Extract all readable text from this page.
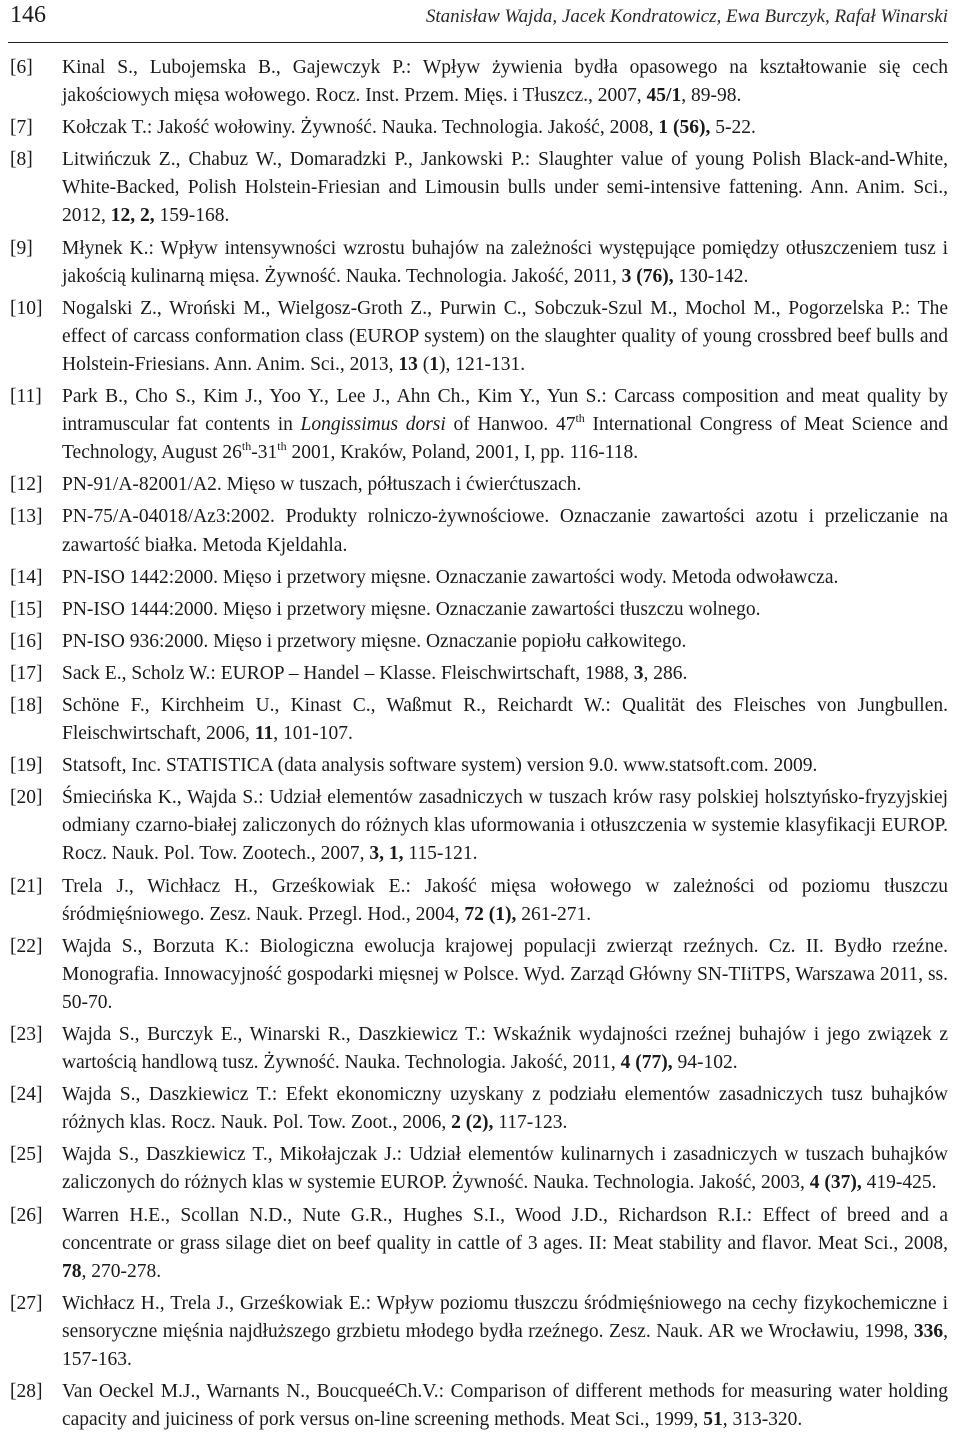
146	Stanisław Wajda, Jacek Kondratowicz, Ewa Burczyk, Rafał Winarski
[6]	Kinal S., Lubojemska B., Gajewczyk P.: Wpływ żywienia bydła opasowego na kształtowanie się cech jakościowych mięsa wołowego. Rocz. Inst. Przem. Mięs. i Tłuszcz., 2007, 45/1, 89-98.
[7]	Kołczak T.: Jakość wołowiny. Żywność. Nauka. Technologia. Jakość, 2008, 1 (56), 5-22.
[8]	Litwińczuk Z., Chabuz W., Domaradzki P., Jankowski P.: Slaughter value of young Polish Black-and-White, White-Backed, Polish Holstein-Friesian and Limousin bulls under semi-intensive fattening. Ann. Anim. Sci., 2012, 12, 2, 159-168.
[9]	Młynek K.: Wpływ intensywności wzrostu buhajów na zależności występujące pomiędzy otłuszczeniem tusz i jakością kulinarną mięsa. Żywność. Nauka. Technologia. Jakość, 2011, 3 (76), 130-142.
[10]	Nogalski Z., Wroński M., Wielgosz-Groth Z., Purwin C., Sobczuk-Szul M., Mochol M., Pogorzelska P.: The effect of carcass conformation class (EUROP system) on the slaughter quality of young crossbred beef bulls and Holstein-Friesians. Ann. Anim. Sci., 2013, 13 (1), 121-131.
[11]	Park B., Cho S., Kim J., Yoo Y., Lee J., Ahn Ch., Kim Y., Yun S.: Carcass composition and meat quality by intramuscular fat contents in Longissimus dorsi of Hanwoo. 47th International Congress of Meat Science and Technology, August 26th-31th 2001, Kraków, Poland, 2001, I, pp. 116-118.
[12]	PN-91/A-82001/A2. Mięso w tuszach, półtuszach i ćwierćtuszach.
[13]	PN-75/A-04018/Az3:2002. Produkty rolniczo-żywnościowe. Oznaczanie zawartości azotu i przeliczanie na zawartość białka. Metoda Kjeldahla.
[14]	PN-ISO 1442:2000. Mięso i przetwory mięsne. Oznaczanie zawartości wody. Metoda odwoławcza.
[15]	PN-ISO 1444:2000. Mięso i przetwory mięsne. Oznaczanie zawartości tłuszczu wolnego.
[16]	PN-ISO 936:2000. Mięso i przetwory mięsne. Oznaczanie popiołu całkowitego.
[17]	Sack E., Scholz W.: EUROP – Handel – Klasse. Fleischwirtschaft, 1988, 3, 286.
[18]	Schöne F., Kirchheim U., Kinast C., Waßmut R., Reichardt W.: Qualität des Fleisches von Jungbullen. Fleischwirtschaft, 2006, 11, 101-107.
[19]	Statsoft, Inc. STATISTICA (data analysis software system) version 9.0. www.statsoft.com. 2009.
[20]	Śmiecińska K., Wajda S.: Udział elementów zasadniczych w tuszach krów rasy polskiej holsztyńsko-fryzyjskiej odmiany czarno-białej zaliczonych do różnych klas uformowania i otłuszczenia w systemie klasyfikacji EUROP. Rocz. Nauk. Pol. Tow. Zootech., 2007, 3, 1, 115-121.
[21]	Trela J., Wichłacz H., Grześkowiak E.: Jakość mięsa wołowego w zależności od poziomu tłuszczu śródmięśniowego. Zesz. Nauk. Przegl. Hod., 2004, 72 (1), 261-271.
[22]	Wajda S., Borzuta K.: Biologiczna ewolucja krajowej populacji zwierząt rzeźnych. Cz. II. Bydło rzeźne. Monografia. Innowacyjność gospodarki mięsnej w Polsce. Wyd. Zarząd Główny SN-TIiTPS, Warszawa 2011, ss. 50-70.
[23]	Wajda S., Burczyk E., Winarski R., Daszkiewicz T.: Wskaźnik wydajności rzeźnej buhajów i jego związek z wartością handlową tusz. Żywność. Nauka. Technologia. Jakość, 2011, 4 (77), 94-102.
[24]	Wajda S., Daszkiewicz T.: Efekt ekonomiczny uzyskany z podziału elementów zasadniczych tusz buhajków różnych klas. Rocz. Nauk. Pol. Tow. Zoot., 2006, 2 (2), 117-123.
[25]	Wajda S., Daszkiewicz T., Mikołajczak J.: Udział elementów kulinarnych i zasadniczych w tuszach buhajków zaliczonych do różnych klas w systemie EUROP. Żywność. Nauka. Technologia. Jakość, 2003, 4 (37), 419-425.
[26]	Warren H.E., Scollan N.D., Nute G.R., Hughes S.I., Wood J.D., Richardson R.I.: Effect of breed and a concentrate or grass silage diet on beef quality in cattle of 3 ages. II: Meat stability and flavor. Meat Sci., 2008, 78, 270-278.
[27]	Wichłacz H., Trela J., Grześkowiak E.: Wpływ poziomu tłuszczu śródmięśniowego na cechy fizykochemiczne i sensoryczne mięśnia najdłuższego grzbietu młodego bydła rzeźnego. Zesz. Nauk. AR we Wrocławiu, 1998, 336, 157-163.
[28]	Van Oeckel M.J., Warnants N., BoucqueéCh.V.: Comparison of different methods for measuring water holding capacity and juiciness of pork versus on-line screening methods. Meat Sci., 1999, 51, 313-320.
